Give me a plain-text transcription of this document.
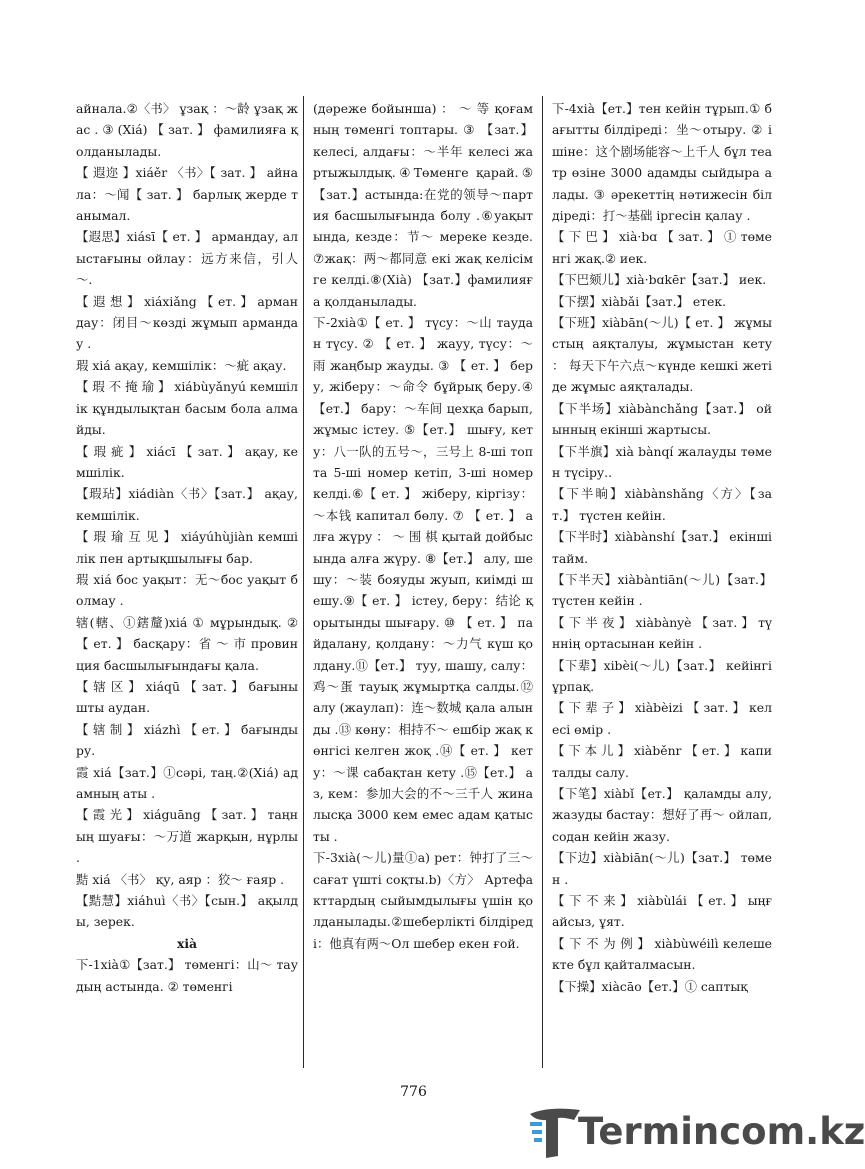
айнала.②〈书〉 ұзақ ：～龄 ұзақ жас . ③ (Xiá) 【 зат. 】 фамилияға қолданылады.

【 遐迩 】xiáěr 〈书〉【 зат. 】 айнала：～闻【 зат. 】 барлық жерде танымал.

【遐思】xiásī【 ет. 】 армандау, алыстағыны ойлау：远方来信，引人～.

【 遐 想 】 xiáxiǎng 【 ет. 】 армандау：闭目～көзді жұмып армандау .

瑕 xiá ақау, кемшілік：～疵 ақау.

【 瑕 不 掩 瑜 】 xiábùyǎnyú кемшілік құндылықтан басым бола алмайды.

【 瑕 疵 】 xiácī 【 зат. 】 ақау, кемшілік.

【瑕玷】xiádiàn〈书〉【зат.】 ақау, кемшілік.

【 瑕 瑜 互 见 】 xiáyúhùjiàn кемшілік пен артықшылығы бар.

瑕 xiá бос уақыт：无～бос уақыт болмау .

辖(轄、①鎋釐)xiá ① мұрындық. ② 【 ет. 】 басқару：省 ～ 市 провинция басшылығындағы қала.

【 辖 区 】 xiáqū 【 зат. 】 бағынышты аудан.

【 辖 制 】 xiázhì 【 ет. 】 бағындыру.

霞 xiá【зат.】①сәрі, таң.②(Xiá) адамның аты .

【 霞 光 】 xiáguāng 【 зат. 】 таңның шуағы：～万道 жарқын, нұрлы .

黠 xiá 〈书〉 қу, аяр ：狡～ ғаяр .

【黠慧】xiáhuì〈书〉【сын.】 ақылды, зерек.

xià

下-1xià①【зат.】 төменгі：山～ таудың астында. ② төменгі

(дәреже бойынша) ： ～ 等 қоғамның төменгі топтары. ③ 【зат.】 келесі, алдағы：～半年 келесі жартыжылдық.④Төменге қарай.⑤【зат.】астында:在党的领导～партия басшылығында болу .⑥уақытында, кезде：节～ мереке кезде.⑦жақ：两～都同意 екі жақ келісімге келді.⑧(Xià) 【зат.】фамилияға қолданылады.

下-2xià①【 ет. 】 түсу：～山 таудан түсу. ② 【 ет. 】 жауу, түсу：～雨 жаңбыр жауды. ③ 【 ет. 】 беру, жіберу：～命令 бұйрық беру.④【ет.】 бару：～车间 цехқа барып, жұмыс істеу. ⑤【ет.】 шығу, кету：八一队的五号～，三号上 8-ші топта 5-ші номер кетіп, 3-ші номер келді.⑥【 ет. 】 жіберу, кіргізу：～本钱 капитал бөлу. ⑦ 【 ет. 】 алға жүру ： ～ 围 棋 қытай дойбысында алға жүру. ⑧【ет.】 алу, шешу：～装 бояуды жуып, киімді шешу.⑨【 ет. 】 істеу, беру：结论 қорытынды шығару. ⑩ 【 ет. 】 пайдалану, қолдану：～力气 күш қолдану.⑪【ет.】 туу, шашу, салу：鸡～蛋 тауық жұмыртқа салды.⑫ алу (жаулап)：连～数城 қала алынды .⑬ көну：相持不～ ешбір жақ көнгісі келген жоқ .⑭【 ет. 】 кету：～课 сабақтан кету .⑮【ет.】 аз, кем：参加大会的不～三千人 жиналысқа 3000 кем емес адам қатысты .

下-3xià(～儿)量①a) рет：钟打了三～сағат үшті соқты.b)〈方〉 Артефакттардың сыйымдылығы үшін қолданылады.②шеберлікті білдіреді：他真有两～Ол шебер екен ғой.

下-4xià【ет.】тен кейін тұрып.① бағытты білдіреді：坐～отыру. ② ішіне：这个剧场能容～上千人 бұл театр өзіне 3000 адамды сыйдыра алады. ③ әрекеттің нәтижесін білдіреді：打～基础 іргесін қалау .

【 下 巴 】 xià·bɑ 【 зат. 】 ① төменгі жақ.② иек.

【下巴颏儿】xià·bɑkēr【зат.】 иек.

【下摆】xiàbǎi【зат.】 етек.

【下班】xiàbān(～儿)【 ет. 】 жұмыстың аяқталуы, жұмыстан кету ： 每天下午六点～күнде кешкі жетіде жұмыс аяқталады.

【下半场】xiàbànchǎng【зат.】 ойынның екінші жартысы.

【下半旗】xià bànqí жалауды төмен түсіру..

【下半晌】xiàbànshǎng〈方〉【зат.】 түстен кейін.

【下半时】xiàbànshí【зат.】 екінші тайм.

【下半天】xiàbàntiān(～儿)【зат.】 түстен кейін .

【 下 半 夜 】 xiàbànyè 【 зат. 】 түннің ортасынан кейін .

【下辈】xibèi(～儿)【зат.】 кейінгі ұрпақ.

【 下 辈 子 】 xiàbèizi 【 зат. 】 келесі өмір .

【 下 本 儿 】 xiàběnr 【 ет. 】 капиталды салу.

【下笔】xiàbǐ【ет.】 қаламды алу, жазуды бастау：想好了再～ ойлап, содан кейін жазу.

【下边】xiàbiān(～儿)【зат.】 төмен .

【 下 不 来 】 xiàbùlái 【 ет. 】 ыңғайсыз, ұят.

【 下 不 为 例 】 xiàbùwéilì келешекте бұл қайталмасын.

【下操】xiàcāo【ет.】① саптық

776
Termincom.kz
